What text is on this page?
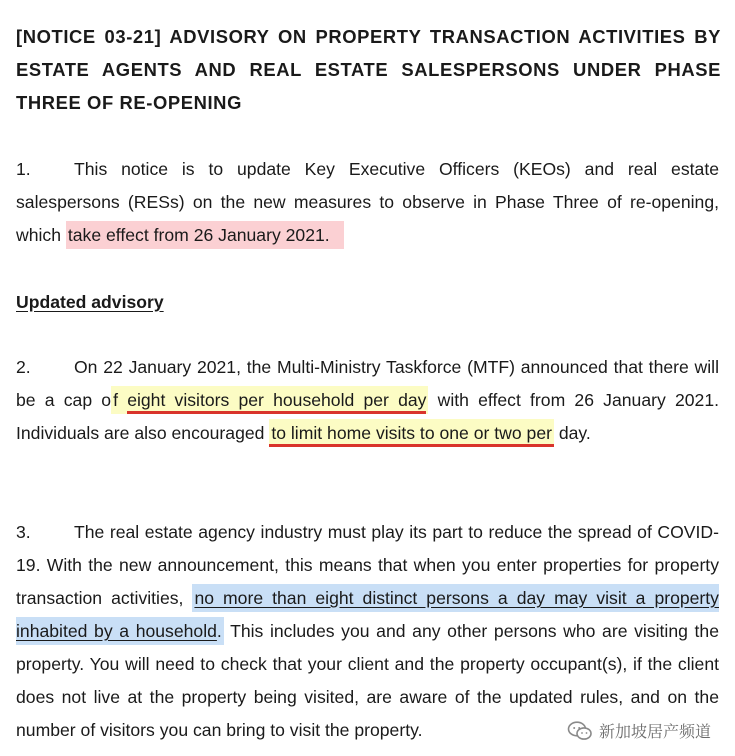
[NOTICE 03-21] ADVISORY ON PROPERTY TRANSACTION ACTIVITIES BY ESTATE AGENTS AND REAL ESTATE SALESPERSONS UNDER PHASE THREE OF RE-OPENING
1. This notice is to update Key Executive Officers (KEOs) and real estate salespersons (RESs) on the new measures to observe in Phase Three of re-opening, which take effect from 26 January 2021.
Updated advisory
2. On 22 January 2021, the Multi-Ministry Taskforce (MTF) announced that there will be a cap o f eight visitors per household per day with effect from 26 January 2021. Individuals are also encouraged to limit home visits to one or two per day.
3. The real estate agency industry must play its part to reduce the spread of COVID-19. With the new announcement, this means that when you enter properties for property transaction activities, no more than eight distinct persons a day may visit a property inhabited by a household. This includes you and any other persons who are visiting the property. You will need to check that your client and the property occupant(s), if the client does not live at the property being visited, are aware of the updated rules, and on the number of visitors you can bring to visit the property.	新加坡居产频道
